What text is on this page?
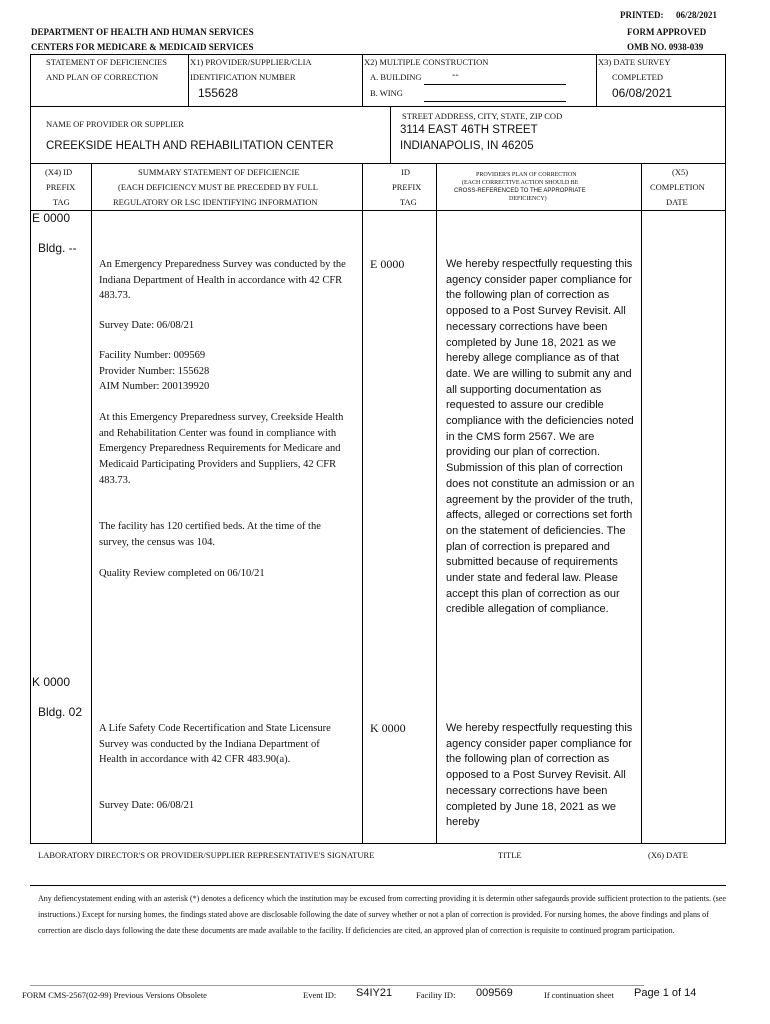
PRINTED: 06/28/2021
DEPARTMENT OF HEALTH AND HUMAN SERVICES	FORM APPROVED
CENTERS FOR MEDICARE & MEDICAID SERVICES	OMB NO. 0938-039
STATEMENT OF DEFICIENCIES
AND PLAN OF CORRECTION
X1) PROVIDER/SUPPLIER/CLIA
IDENTIFICATION NUMBER
155628
X2) MULTIPLE CONSTRUCTION
A. BUILDING	--
B. WING
X3) DATE SURVEY
COMPLETED
06/08/2021
NAME OF PROVIDER OR SUPPLIER
CREEKSIDE HEALTH AND REHABILITATION CENTER
STREET ADDRESS, CITY, STATE, ZIP COD
3114 EAST 46TH STREET
INDIANAPOLIS, IN 46205
(X4) ID
PREFIX
TAG
SUMMARY STATEMENT OF DEFICIENCIE
(EACH DEFICIENCY MUST BE PRECEDED BY FULL
REGULATORY OR LSC IDENTIFYING INFORMATION
ID
PREFIX
TAG
PROVIDER'S PLAN OF CORRECTION
(EACH CORRECTIVE ACTION SHOULD BE
CROSS-REFERENCED TO THE APPROPRIATE
DEFICIENCY)
(X5)
COMPLETION
DATE
E 0000
Bldg. --
An Emergency Preparedness Survey was conducted by the Indiana Department of Health in accordance with 42 CFR 483.73.
Survey Date: 06/08/21
Facility Number: 009569
Provider Number: 155628
AIM Number: 200139920
At this Emergency Preparedness survey, Creekside Health and Rehabilitation Center was found in compliance with Emergency Preparedness Requirements for Medicare and Medicaid Participating Providers and Suppliers, 42 CFR 483.73.
The facility has 120 certified beds. At the time of the survey, the census was 104.
Quality Review completed on 06/10/21
E 0000	We hereby respectfully requesting this agency consider paper compliance for the following plan of correction as opposed to a Post Survey Revisit. All necessary corrections have been completed by June 18, 2021 as we hereby allege compliance as of that date. We are willing to submit any and all supporting documentation as requested to assure our credible compliance with the deficiencies noted in the CMS form 2567. We are providing our plan of correction. Submission of this plan of correction does not constitute an admission or an agreement by the provider of the truth, affects, alleged or corrections set forth on the statement of deficiencies. The plan of correction is prepared and submitted because of requirements under state and federal law. Please accept this plan of correction as our credible allegation of compliance.
K 0000
Bldg. 02
A Life Safety Code Recertification and State Licensure Survey was conducted by the Indiana Department of Health in accordance with 42 CFR 483.90(a).
Survey Date: 06/08/21
K 0000	We hereby respectfully requesting this agency consider paper compliance for the following plan of correction as opposed to a Post Survey Revisit. All necessary corrections have been completed by June 18, 2021 as we hereby
LABORATORY DIRECTOR'S OR PROVIDER/SUPPLIER REPRESENTATIVE'S SIGNATURE	TITLE	(X6) DATE
Any defiencystatement ending with an asterisk (*) denotes a deficency which the institution may be excused from correcting providing it is determin other safegaurds provide sufficient protection to the patients. (see instructions.) Except for nursing homes, the findings stated above are disclosable following the date of survey whether or not a plan of correction is provided. For nursing homes, the above findings and plans of correction are disclo days following the date these documents are made available to the facility. If deficiencies are cited, an approved plan of correction is requisite to continued program participation.
FORM CMS-2567(02-99) Previous Versions Obsolete	Event ID: S4IY21	Facility ID: 009569	If continuation sheet Page 1 of 14
